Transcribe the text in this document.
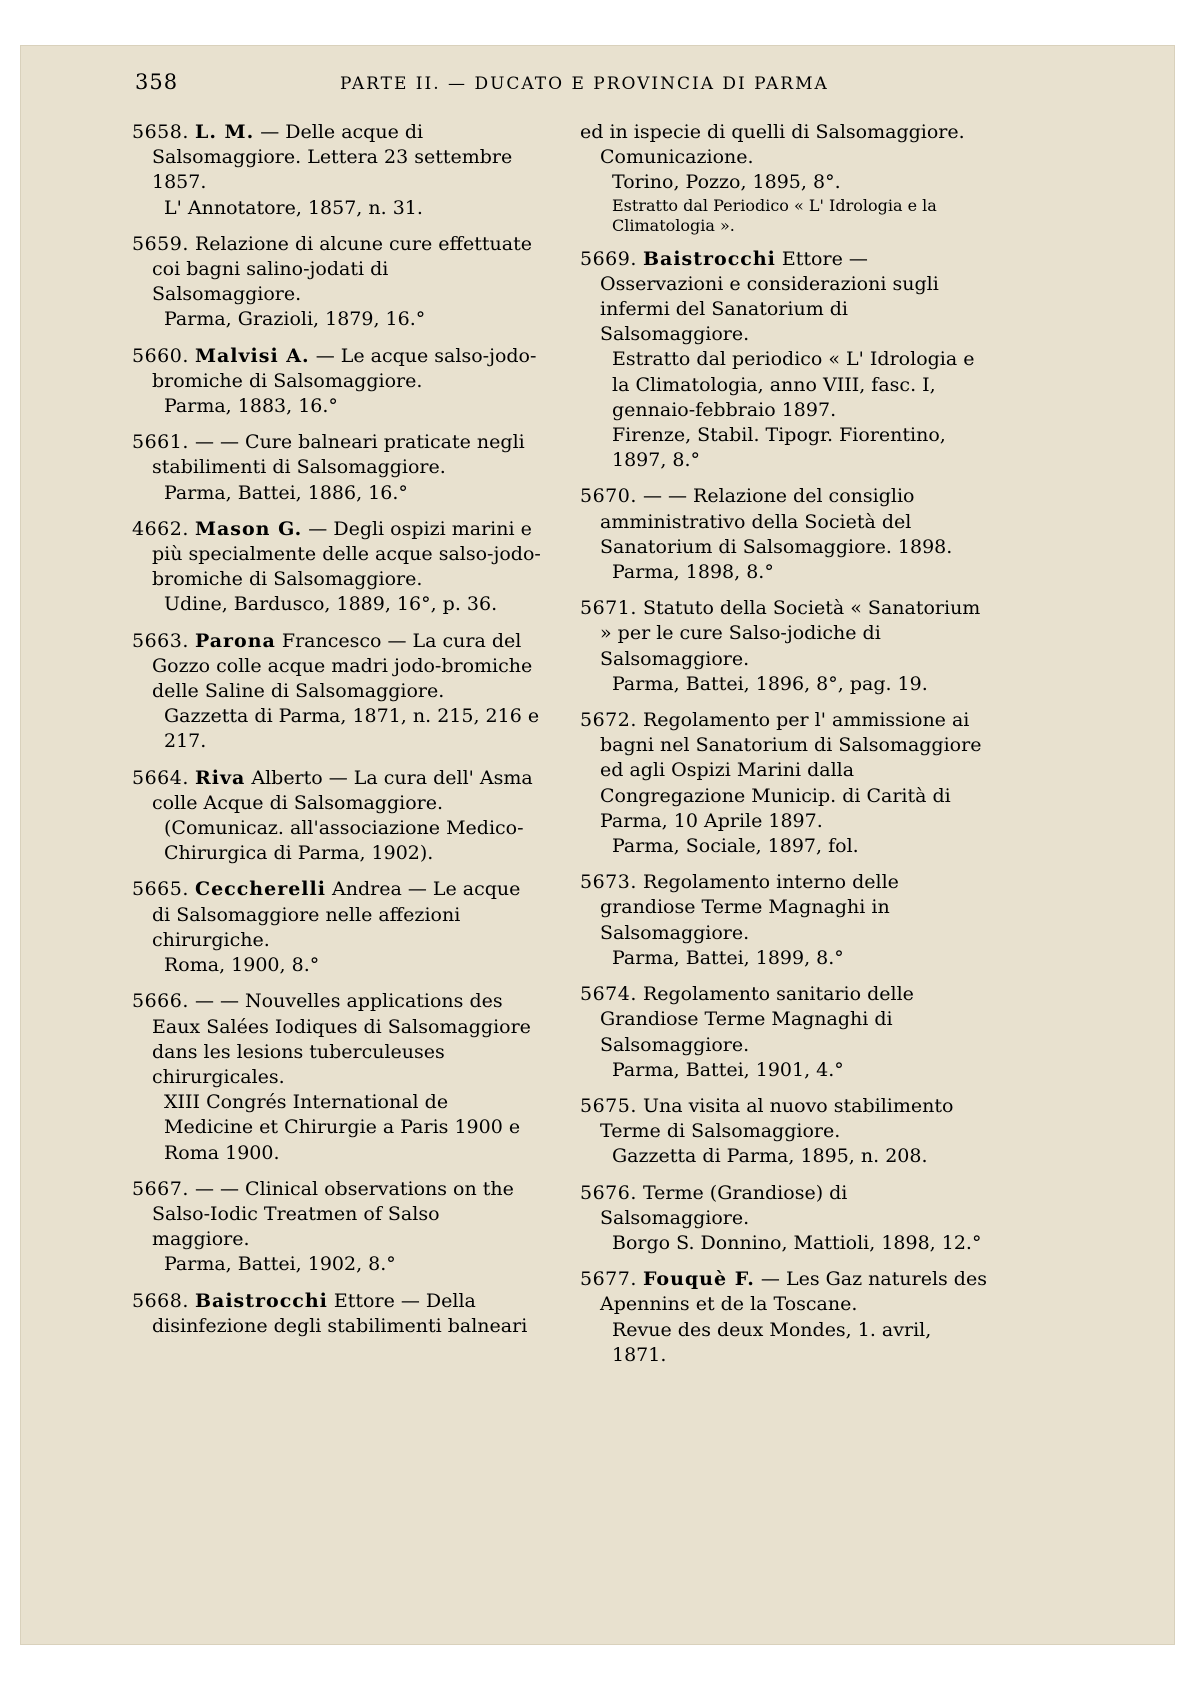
358	PARTE II. — DUCATO E PROVINCIA DI PARMA

5658. L. M. — Delle acque di Salsomaggiore. Lettera 23 settembre 1857.

L' Annotatore, 1857, n. 31.

5659. Relazione di alcune cure effettuate coi bagni salino-jodati di Salsomaggiore.

Parma, Grazioli, 1879, 16.°

5660. Malvisi A. — Le acque salso-jodo-bromiche di Salsomaggiore.

Parma, 1883, 16.°

5661. — — Cure balneari praticate negli stabilimenti di Salsomaggiore.

Parma, Battei, 1886, 16.°

4662. Mason G. — Degli ospizi marini e più specialmente delle acque salso-jodo-bromiche di Salsomaggiore.

Udine, Bardusco, 1889, 16°, p. 36.

5663. Parona Francesco — La cura del Gozzo colle acque madri jodo-bromiche delle Saline di Salsomaggiore.

Gazzetta di Parma, 1871, n. 215, 216 e 217.

5664. Riva Alberto — La cura dell' Asma colle Acque di Salsomaggiore.

(Comunicaz. all'associazione Medico-Chirurgica di Parma, 1902).

5665. Ceccherelli Andrea — Le acque di Salsomaggiore nelle affezioni chirurgiche.

Roma, 1900, 8.°

5666. — — Nouvelles applications des Eaux Salées Iodiques di Salsomaggiore dans les lesions tuberculeuses chirurgicales.

XIII Congrés International de Medicine et Chirurgie a Paris 1900 e Roma 1900.

5667. — — Clinical observations on the Salso-Iodic Treatmen of Salso maggiore.

Parma, Battei, 1902, 8.°

5668. Baistrocchi Ettore — Della disinfezione degli stabilimenti balneari

ed in ispecie di quelli di Salsomaggiore. Comunicazione.

Torino, Pozzo, 1895, 8°.

Estratto dal Periodico « L' Idrologia e la Climatologia ».

5669. Baistrocchi Ettore — Osservazioni e considerazioni sugli infermi del Sanatorium di Salsomaggiore.

Estratto dal periodico « L' Idrologia e la Climatologia, anno VIII, fasc. I, gennaio-febbraio 1897.

Firenze, Stabil. Tipogr. Fiorentino, 1897, 8.°

5670. — — Relazione del consiglio amministrativo della Società del Sanatorium di Salsomaggiore. 1898.

Parma, 1898, 8.°

5671. Statuto della Società « Sanatorium » per le cure Salso-jodiche di Salsomaggiore.

Parma, Battei, 1896, 8°, pag. 19.

5672. Regolamento per l' ammissione ai bagni nel Sanatorium di Salsomaggiore ed agli Ospizi Marini dalla Congregazione Municip. di Carità di Parma, 10 Aprile 1897.

Parma, Sociale, 1897, fol.

5673. Regolamento interno delle grandiose Terme Magnaghi in Salsomaggiore.

Parma, Battei, 1899, 8.°

5674. Regolamento sanitario delle Grandiose Terme Magnaghi di Salsomaggiore.

Parma, Battei, 1901, 4.°

5675. Una visita al nuovo stabilimento Terme di Salsomaggiore.

Gazzetta di Parma, 1895, n. 208.

5676. Terme (Grandiose) di Salsomaggiore.

Borgo S. Donnino, Mattioli, 1898, 12.°

5677. Fouquè F. — Les Gaz naturels des Apennins et de la Toscane.

Revue des deux Mondes, 1. avril, 1871.
